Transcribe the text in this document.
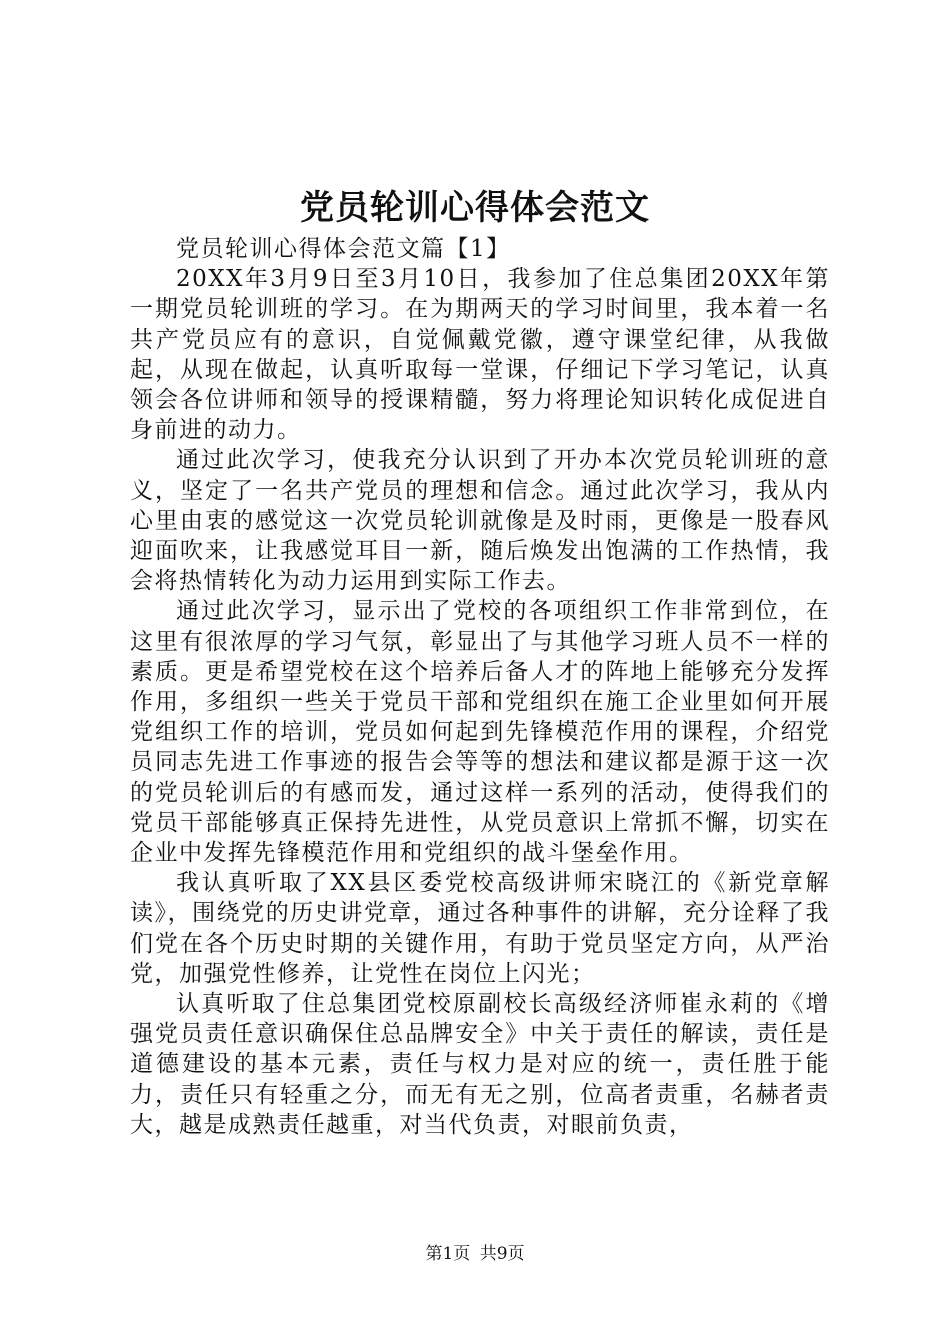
党员轮训心得体会范文

党员轮训心得体会范文篇【1】

20XX年3月9日至3月10日，我参加了住总集团20XX年第一期党员轮训班的学习。在为期两天的学习时间里，我本着一名共产党员应有的意识，自觉佩戴党徽，遵守课堂纪律，从我做起，从现在做起，认真听取每一堂课，仔细记下学习笔记，认真领会各位讲师和领导的授课精髓，努力将理论知识转化成促进自身前进的动力。

通过此次学习，使我充分认识到了开办本次党员轮训班的意义，坚定了一名共产党员的理想和信念。通过此次学习，我从内心里由衷的感觉这一次党员轮训就像是及时雨，更像是一股春风迎面吹来，让我感觉耳目一新，随后焕发出饱满的工作热情，我会将热情转化为动力运用到实际工作去。

通过此次学习，显示出了党校的各项组织工作非常到位，在这里有很浓厚的学习气氛，彰显出了与其他学习班人员不一样的素质。更是希望党校在这个培养后备人才的阵地上能够充分发挥作用，多组织一些关于党员干部和党组织在施工企业里如何开展党组织工作的培训，党员如何起到先锋模范作用的课程，介绍党员同志先进工作事迹的报告会等等的想法和建议都是源于这一次的党员轮训后的有感而发，通过这样一系列的活动，使得我们的党员干部能够真正保持先进性，从党员意识上常抓不懈，切实在企业中发挥先锋模范作用和党组织的战斗堡垒作用。

我认真听取了XX县区委党校高级讲师宋晓江的《新党章解读》，围绕党的历史讲党章，通过各种事件的讲解，充分诠释了我们党在各个历史时期的关键作用，有助于党员坚定方向，从严治党，加强党性修养，让党性在岗位上闪光；

认真听取了住总集团党校原副校长高级经济师崔永莉的《增强党员责任意识确保住总品牌安全》中关于责任的解读，责任是道德建设的基本元素，责任与权力是对应的统一，责任胜于能力，责任只有轻重之分，而无有无之别，位高者责重，名赫者责大，越是成熟责任越重，对当代负责，对眼前负责，

第1页 共9页
